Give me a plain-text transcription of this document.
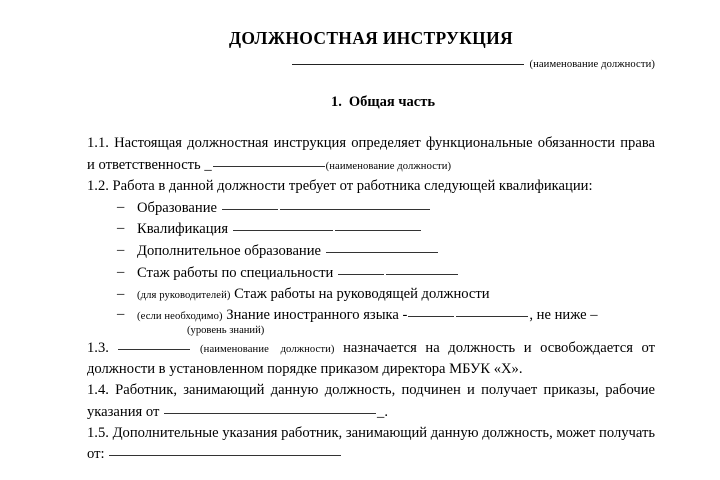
ДОЛЖНОСТНАЯ ИНСТРУКЦИЯ
(наименование должности)
1. Общая часть

1.1. Настоящая должностная инструкция определяет функциональные обязанности права и ответственность _	(наименование должности)

1.2. Работа в данной должности требует от работника следующей квалификации:

– Образование
– Квалификация
– Дополнительное образование
– Стаж работы по специальности
– (для руководителей) Стаж работы на руководящей должности
– (если необходимо) Знание иностранного языка -	, не ниже –
(уровень знаний)

1.3.	(наименование должности) назначается на должность и освобождается от должности в установленном порядке приказом директора МБУК «Х».

1.4. Работник, занимающий данную должность, подчинен и получает приказы, рабочие указания от	_.

1.5. Дополнительные указания работник, занимающий данную должность, может получать от:
